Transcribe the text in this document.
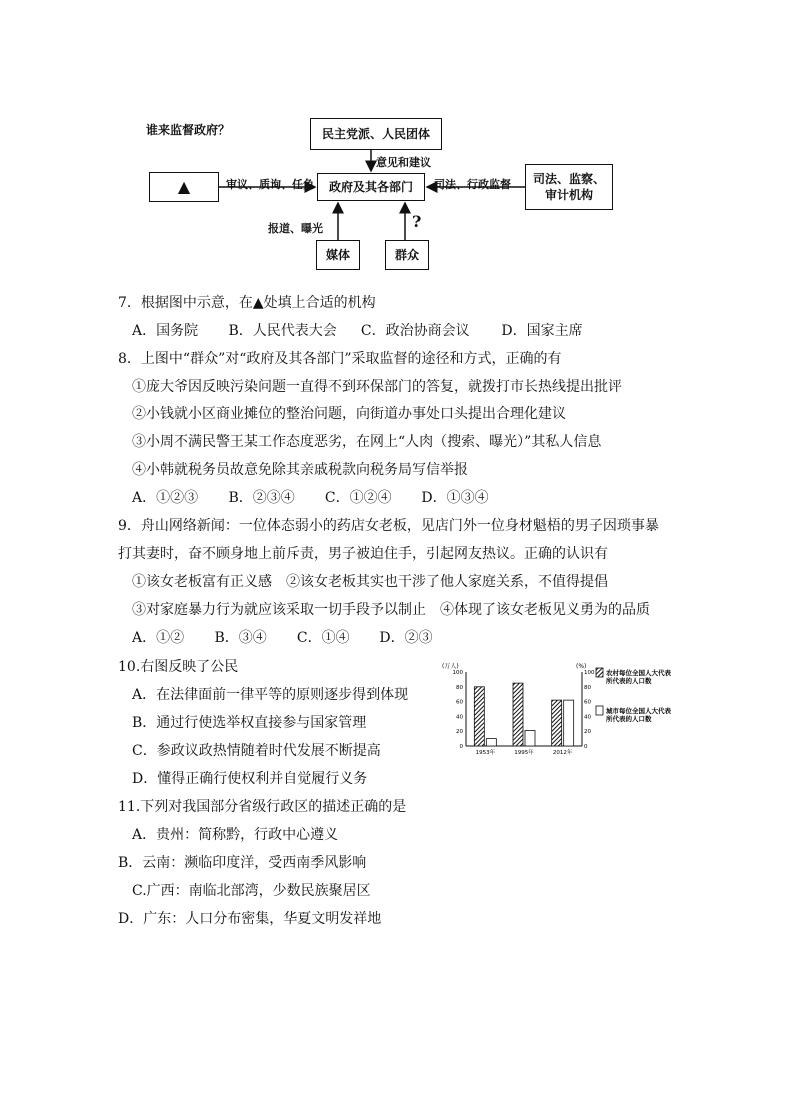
谁来监督政府？	民主党派、人民团体
意见和建议
▲	审议、质询、任免	政府及其各部门	司法、行政监督 司法、监察、
审计机构
报道、曝光	?
媒体	群众
7．根据图中示意，在▲处填上合适的机构
A．国务院 B．人民代表大会 C．政治协商会议 D．国家主席
8．上图中“群众”对“政府及其各部门”采取监督的途径和方式，正确的有
①庞大爷因反映污染问题一直得不到环保部门的答复，就拨打市长热线提出批评
②小钱就小区商业摊位的整治问题，向街道办事处口头提出合理化建议
③小周不满民警王某工作态度恶劣，在网上“人肉（搜索、曝光）”其私人信息
④小韩就税务员故意免除其亲戚税款向税务局写信举报
A．①②③ B．②③④ C．①②④ D．①③④
9．舟山网络新闻：一位体态弱小的药店女老板，见店门外一位身材魁梧的男子因琐事暴
打其妻时，奋不顾身地上前斥责，男子被迫住手，引起网友热议。正确的认识有
①该女老板富有正义感　②该女老板其实也干涉了他人家庭关系，不值得提倡
③对家庭暴力行为就应该采取一切手段予以制止　④体现了该女老板见义勇为的品质
A．①② B．③④ C．①④ D．②③
10.右图反映了公民
A．在法律面前一律平等的原则逐步得到体现
B．通过行使选举权直接参与国家管理
C．参政议政热情随着时代发展不断提高
D．懂得正确行使权利并自觉履行义务
(万人)	(%)
100	100
80	80
60	60
40	40
20	20
0	0
1953年	1995年	2012年
农村每位全国人大代表所代表的人口数
城市每位全国人大代表所代表的人口数
11.下列对我国部分省级行政区的描述正确的是
A．贵州：简称黔，行政中心遵义
B．云南：濒临印度洋，受西南季风影响
C.广西：南临北部湾，少数民族聚居区
D．广东：人口分布密集，华夏文明发祥地
